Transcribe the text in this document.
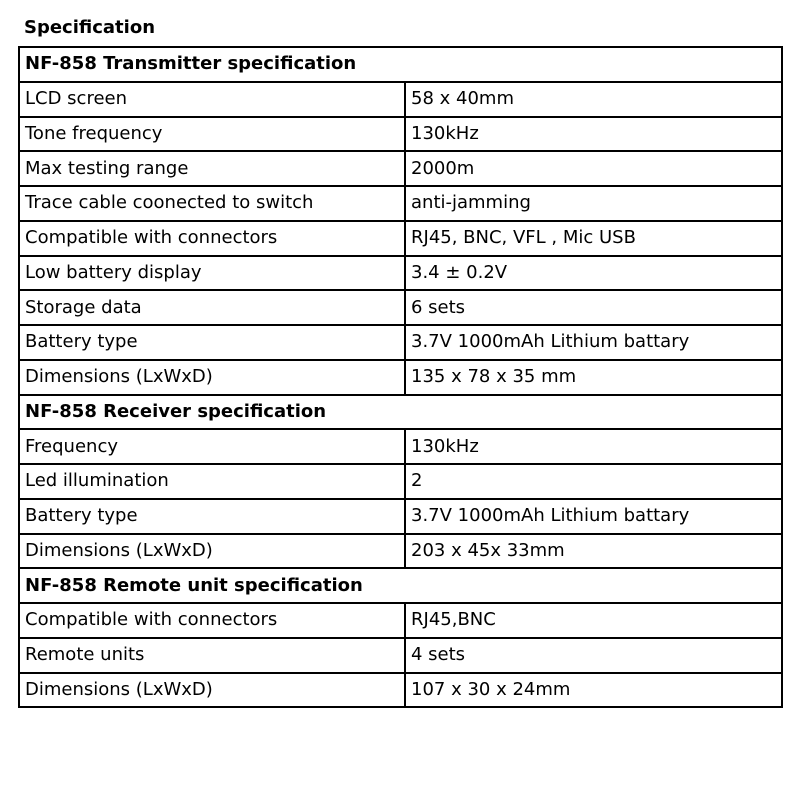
Specification
NF-858 Transmitter specification	
LCD screen	58 x 40mm
Tone frequency	130kHz
Max testing range	2000m
Trace cable coonected to switch	anti-jamming
Compatible with connectors	RJ45, BNC, VFL , Mic USB
Low battery display	3.4 ± 0.2V
Storage data	6 sets
Battery type	3.7V 1000mAh Lithium battary
Dimensions (LxWxD)	135 x 78 x 35 mm
NF-858 Receiver specification	
Frequency	130kHz
Led illumination	2
Battery type	3.7V 1000mAh Lithium battary
Dimensions (LxWxD)	203 x 45x 33mm
NF-858 Remote unit specification	
Compatible with connectors	RJ45,BNC
Remote units	4 sets
Dimensions (LxWxD)	107 x 30 x 24mm
